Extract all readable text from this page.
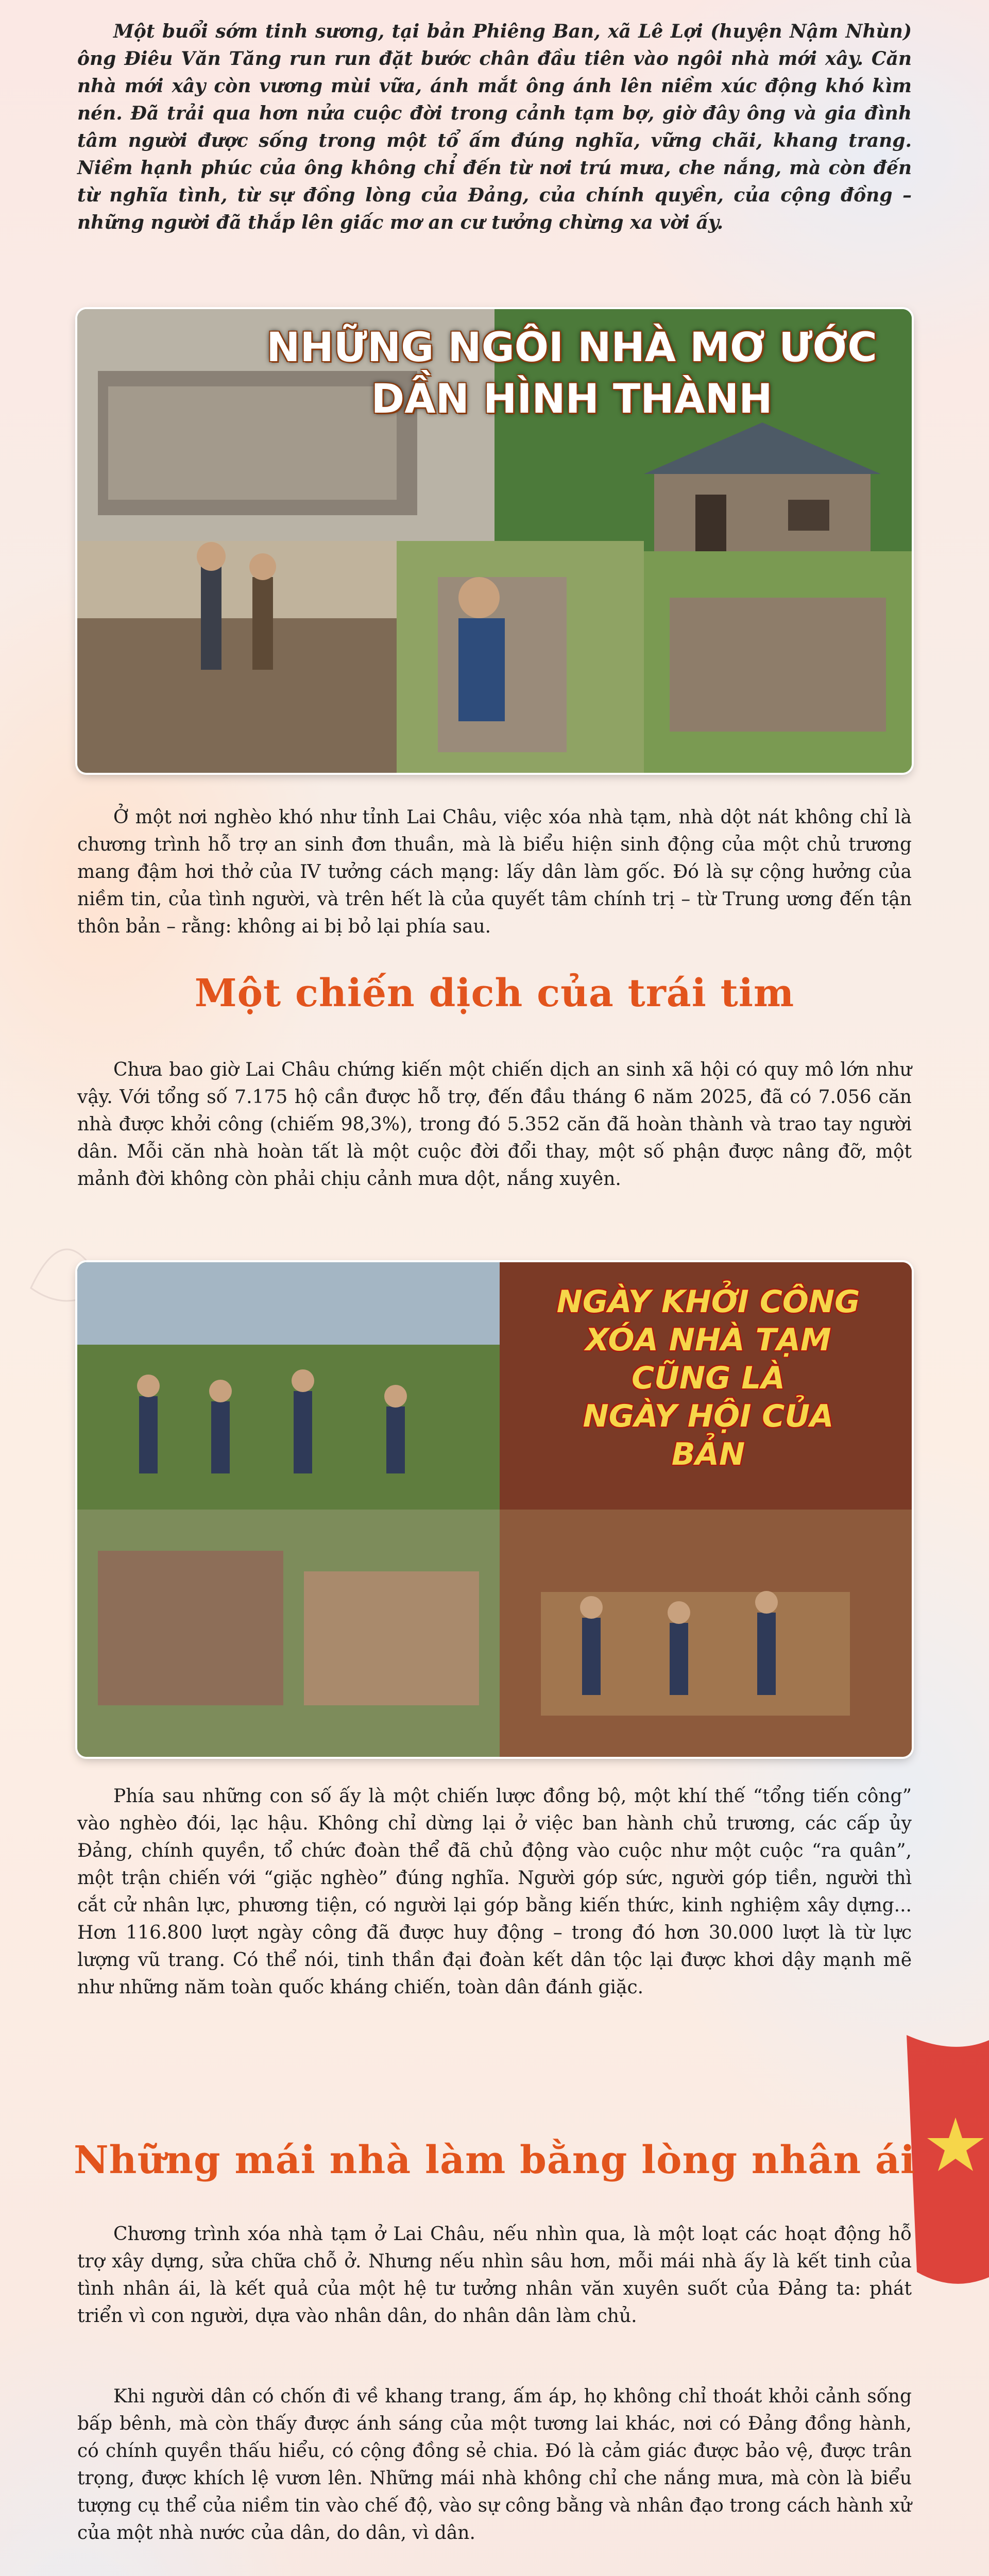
Một buổi sớm tinh sương, tại bản Phiêng Ban, xã Lê Lợi (huyện Nậm Nhùn) ông Điêu Văn Tăng run run đặt bước chân đầu tiên vào ngôi nhà mới xây. Căn nhà mới xây còn vương mùi vữa, ánh mắt ông ánh lên niềm xúc động khó kìm nén. Đã trải qua hơn nửa cuộc đời trong cảnh tạm bợ, giờ đây ông và gia đình tâm người được sống trong một tổ ấm đúng nghĩa, vững chãi, khang trang. Niềm hạnh phúc của ông không chỉ đến từ nơi trú mưa, che nắng, mà còn đến từ nghĩa tình, từ sự đồng lòng của Đảng, của chính quyền, của cộng đồng – những người đã thắp lên giấc mơ an cư tưởng chừng xa vời ấy.

NHỮNG NGÔI NHÀ MƠ ƯỚC
DẦN HÌNH THÀNH

Ở một nơi nghèo khó như tỉnh Lai Châu, việc xóa nhà tạm, nhà dột nát không chỉ là chương trình hỗ trợ an sinh đơn thuần, mà là biểu hiện sinh động của một chủ trương mang đậm hơi thở của IV tưởng cách mạng: lấy dân làm gốc. Đó là sự cộng hưởng của niềm tin, của tình người, và trên hết là của quyết tâm chính trị – từ Trung ương đến tận thôn bản – rằng: không ai bị bỏ lại phía sau.

Một chiến dịch của trái tim

Chưa bao giờ Lai Châu chứng kiến một chiến dịch an sinh xã hội có quy mô lớn như vậy. Với tổng số 7.175 hộ cần được hỗ trợ, đến đầu tháng 6 năm 2025, đã có 7.056 căn nhà được khởi công (chiếm 98,3%), trong đó 5.352 căn đã hoàn thành và trao tay người dân. Mỗi căn nhà hoàn tất là một cuộc đời đổi thay, một số phận được nâng đỡ, một mảnh đời không còn phải chịu cảnh mưa dột, nắng xuyên.

NGÀY KHỞI CÔNG
XÓA NHÀ TẠM
CŨNG LÀ
NGÀY HỘI CỦA BẢN

Phía sau những con số ấy là một chiến lược đồng bộ, một khí thế “tổng tiến công” vào nghèo đói, lạc hậu. Không chỉ dừng lại ở việc ban hành chủ trương, các cấp ủy Đảng, chính quyền, tổ chức đoàn thể đã chủ động vào cuộc như một cuộc “ra quân”, một trận chiến với “giặc nghèo” đúng nghĩa. Người góp sức, người góp tiền, người thì cắt cử nhân lực, phương tiện, có người lại góp bằng kiến thức, kinh nghiệm xây dựng... Hơn 116.800 lượt ngày công đã được huy động – trong đó hơn 30.000 lượt là từ lực lượng vũ trang. Có thể nói, tinh thần đại đoàn kết dân tộc lại được khơi dậy mạnh mẽ như những năm toàn quốc kháng chiến, toàn dân đánh giặc.

Những mái nhà làm bằng lòng nhân ái

Chương trình xóa nhà tạm ở Lai Châu, nếu nhìn qua, là một loạt các hoạt động hỗ trợ xây dựng, sửa chữa chỗ ở. Nhưng nếu nhìn sâu hơn, mỗi mái nhà ấy là kết tinh của tình nhân ái, là kết quả của một hệ tư tưởng nhân văn xuyên suốt của Đảng ta: phát triển vì con người, dựa vào nhân dân, do nhân dân làm chủ.

Khi người dân có chốn đi về khang trang, ấm áp, họ không chỉ thoát khỏi cảnh sống bấp bênh, mà còn thấy được ánh sáng của một tương lai khác, nơi có Đảng đồng hành, có chính quyền thấu hiểu, có cộng đồng sẻ chia. Đó là cảm giác được bảo vệ, được trân trọng, được khích lệ vươn lên. Những mái nhà không chỉ che nắng mưa, mà còn là biểu tượng cụ thể của niềm tin vào chế độ, vào sự công bằng và nhân đạo trong cách hành xử của một nhà nước của dân, do dân, vì dân.
